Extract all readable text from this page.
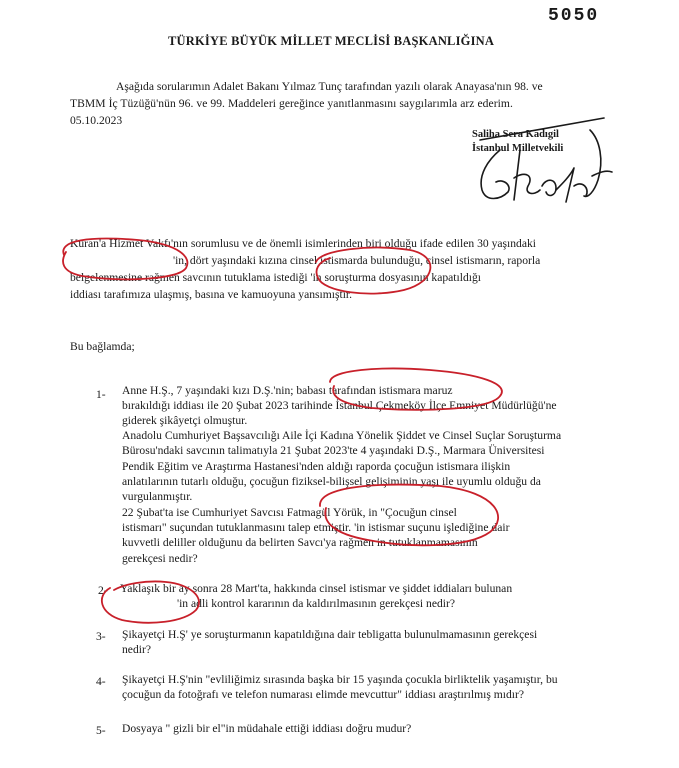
5050
TÜRKİYE BÜYÜK MİLLET MECLİSİ BAŞKANLIĞINA
Aşağıda sorularımın Adalet Bakanı Yılmaz Tunç tarafından yazılı olarak Anayasa'nın 98. ve
TBMM İç Tüzüğü'nün 96. ve 99. Maddeleri gereğince yanıtlanmasını saygılarımla arz ederim.
05.10.2023
Saliha Sera Kadıgil
İstanbul Milletvekili
Kuran'a Hizmet Vakfı'nın sorumlusu ve de önemli isimlerinden biri olduğu ifade edilen 30 yaşındaki
'in, dört yaşındaki kızına cinsel istismarda bulunduğu, cinsel istismarın, raporla
belgelenmesine rağmen savcının tutuklama istediği 'in soruşturma dosyasının kapatıldığı
iddiası tarafımıza ulaşmış, basına ve kamuoyuna yansımıştır.
Bu bağlamda;
1- Anne H.Ş., 7 yaşındaki kızı D.Ş.'nin; babası tarafından istismara maruz
bırakıldığı iddiası ile 20 Şubat 2023 tarihinde İstanbul Çekmeköy İlçe Emniyet Müdürlüğü'ne
giderek şikâyetçi olmuştur.
Anadolu Cumhuriyet Başsavcılığı Aile İçi Kadına Yönelik Şiddet ve Cinsel Suçlar Soruşturma
Bürosu'ndaki savcının talimatıyla 21 Şubat 2023'te 4 yaşındaki D.Ş., Marmara Üniversitesi
Pendik Eğitim ve Araştırma Hastanesi'nden aldığı raporda çocuğun istismara ilişkin
anlatılarının tutarlı olduğu, çocuğun fiziksel-bilişsel gelişiminin yaşı ile uyumlu olduğu da
vurgulanmıştır.
22 Şubat'ta ise Cumhuriyet Savcısı Fatmagül Yörük, in "Çocuğun cinsel
istismarı" suçundan tutuklanmasını talep etmiştir. 'in istismar suçunu işlediğine dair
kuvvetli deliller olduğunu da belirten Savcı'ya rağmen in tutuklanmamasının
gerekçesi nedir?
2- Yaklaşık bir ay sonra 28 Mart'ta, hakkında cinsel istismar ve şiddet iddiaları bulunan
'in adli kontrol kararının da kaldırılmasının gerekçesi nedir?
3- Şikayetçi H.Ş' ye soruşturmanın kapatıldığına dair tebligatta bulunulmamasının gerekçesi
nedir?
4- Şikayetçi H.Ş'nin "evliliğimiz sırasında başka bir 15 yaşında çocukla birliktelik yaşamıştır, bu
çocuğun da fotoğrafı ve telefon numarası elimde mevcuttur" iddiası araştırılmış mıdır?
5- Dosyaya " gizli bir el"in müdahale ettiği iddiası doğru mudur?
